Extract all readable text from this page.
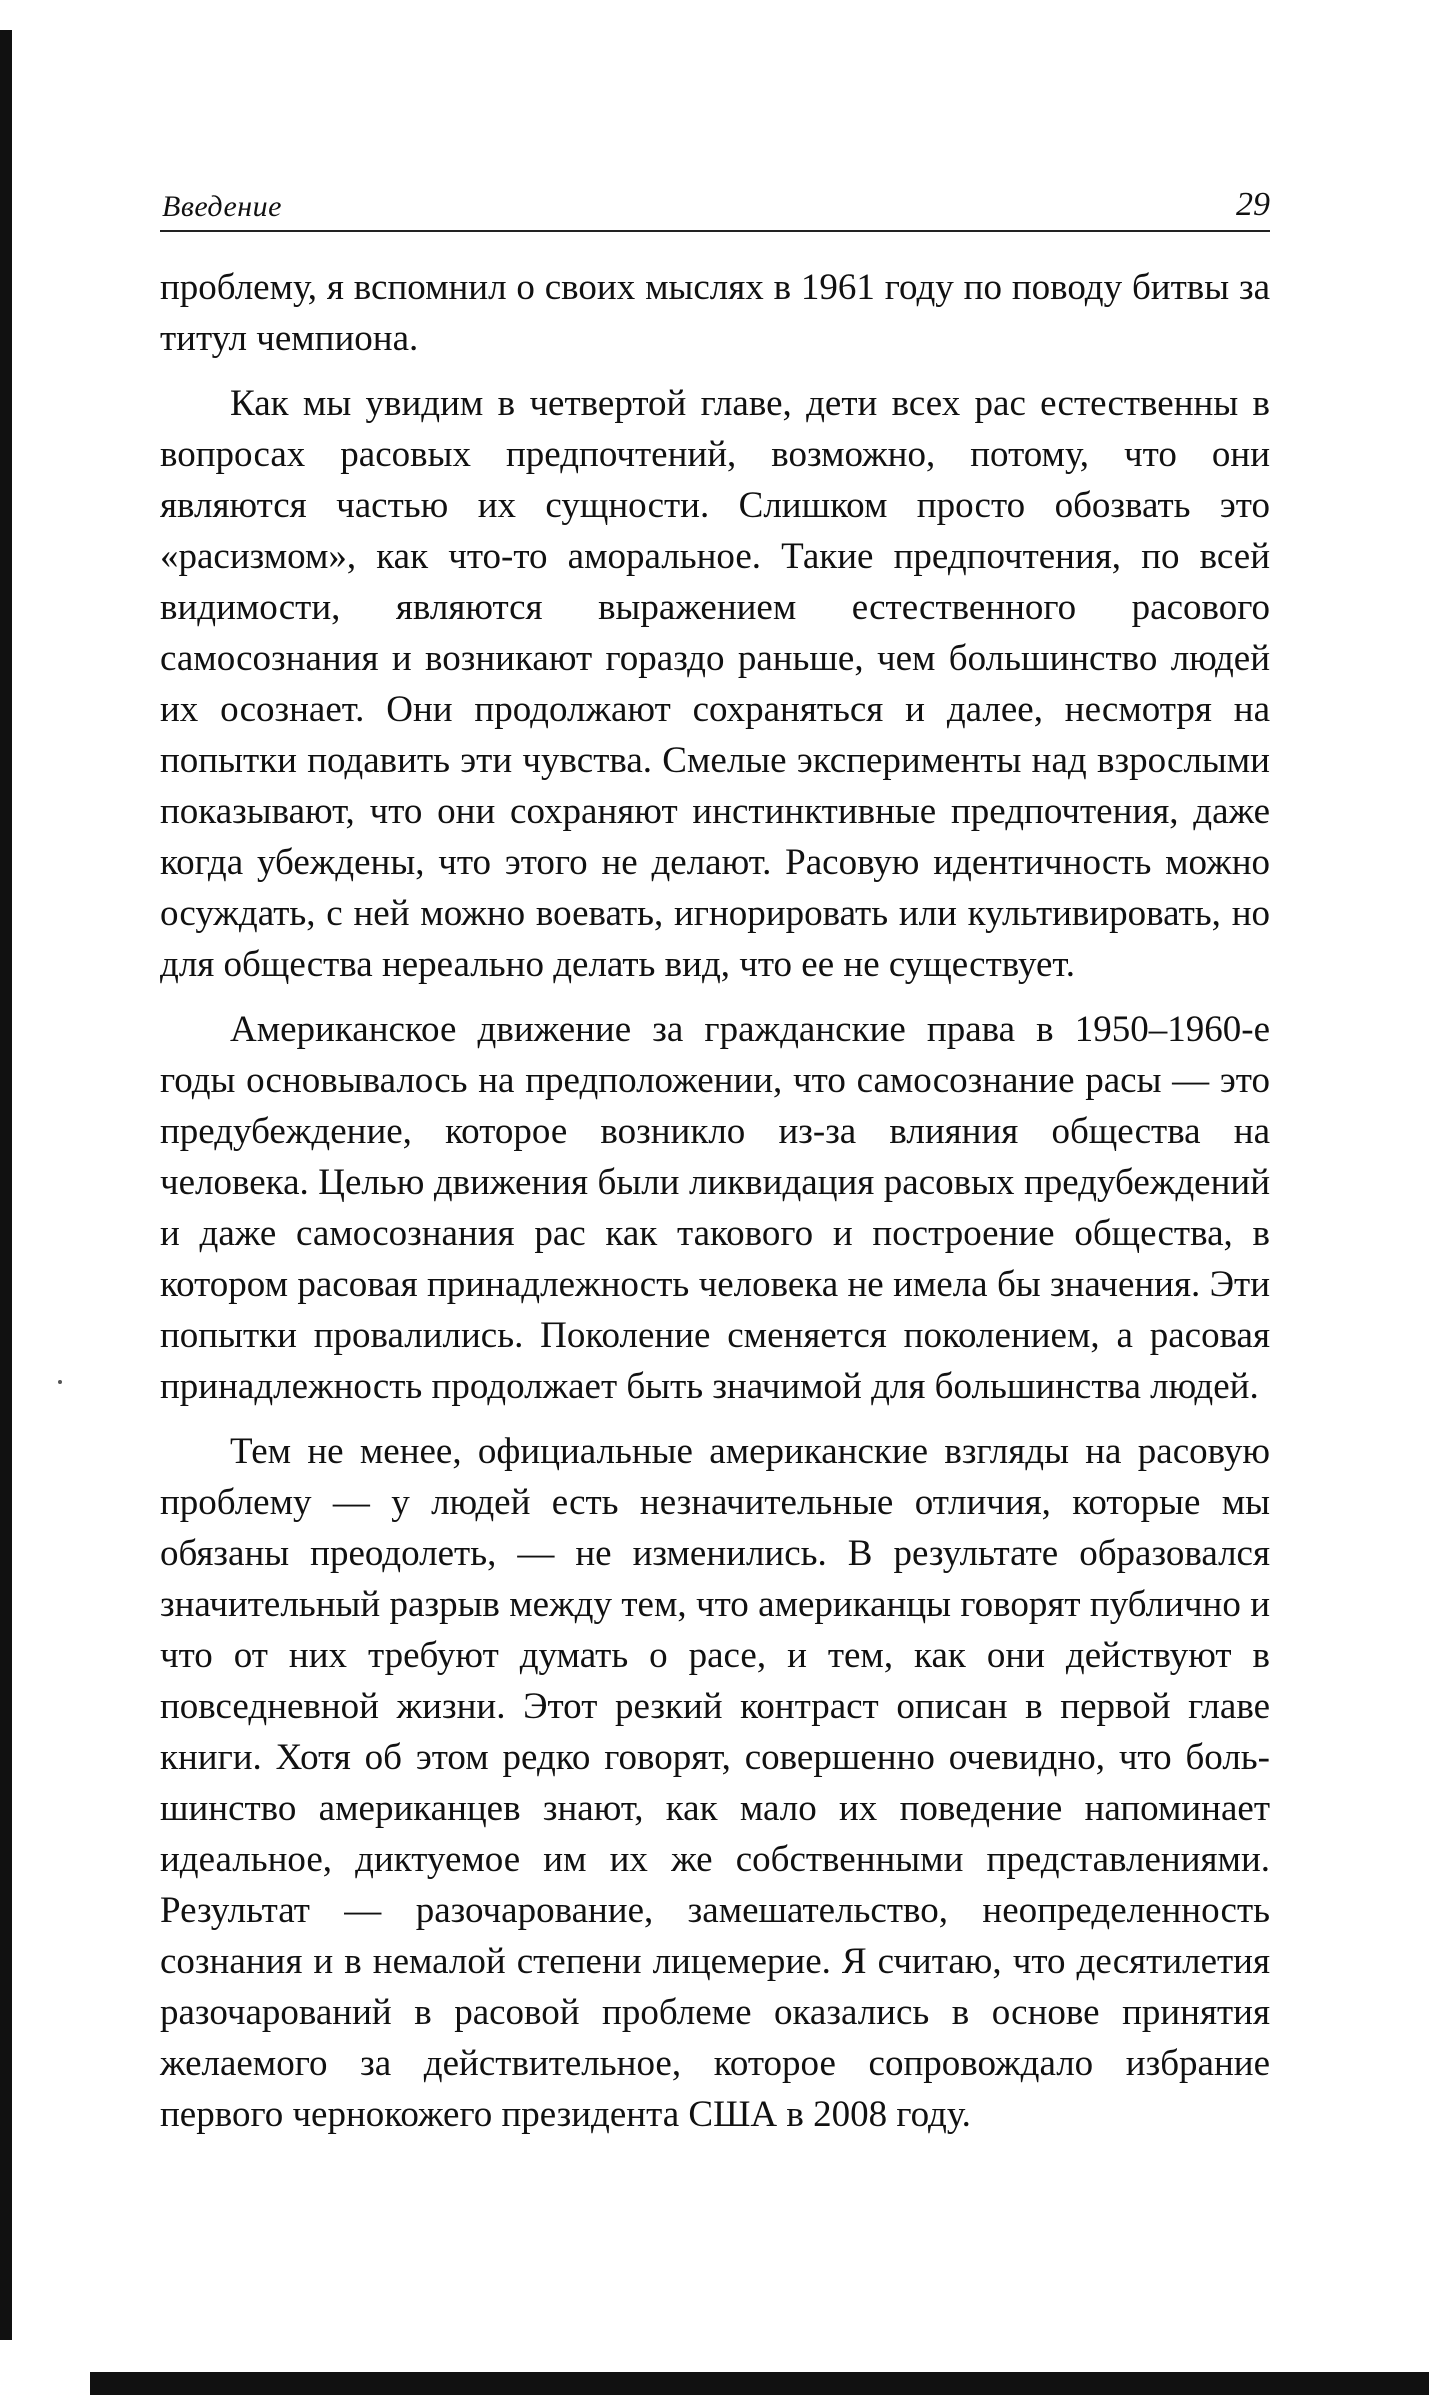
Введение	29

проблему, я вспомнил о своих мыслях в 1961 году по поводу битвы за титул чемпиона.

Как мы увидим в четвертой главе, дети всех рас естественны в вопросах расовых предпочтений, возможно, потому, что они являются частью их сущности. Слишком просто обозвать это «расизмом», как что-то аморальное. Такие предпочтения, по всей видимости, являются выражением естественного расового самосознания и возникают гораздо раньше, чем большинство людей их осознает. Они продолжают сохраняться и далее, несмотря на попытки подавить эти чувства. Смелые эксперименты над взрослыми показывают, что они сохраняют инстинктивные предпочтения, даже когда убеждены, что этого не делают. Расовую идентичность можно осуждать, с ней можно воевать, игнорировать или культивировать, но для общества нереально делать вид, что ее не существует.

Американское движение за гражданские права в 1950–1960-е годы основывалось на предположении, что самосознание расы — это предубеждение, которое возникло из-за влияния общества на человека. Целью движения были ликвидация расовых предубеждений и даже самосознания рас как такового и построение общества, в котором расовая принадлежность человека не имела бы значения. Эти попытки провалились. Поколение сменяется поколением, а расовая принадлежность продолжает быть значимой для большинства людей.

Тем не менее, официальные американские взгляды на расовую проблему — у людей есть незначительные отличия, которые мы обязаны преодолеть, — не изменились. В результате образовался значительный разрыв между тем, что американцы говорят публично и что от них требуют думать о расе, и тем, как они действуют в повседневной жизни. Этот резкий контраст описан в первой главе книги. Хотя об этом редко говорят, совершенно очевидно, что большинство американцев знают, как мало их поведение напоминает идеальное, диктуемое им их же собственными представлениями. Результат — разочарование, замешательство, неопределенность сознания и в немалой степени лицемерие. Я считаю, что десятилетия разочарований в расовой проблеме оказались в основе принятия желаемого за действительное, которое сопровождало избрание первого чернокожего президента США в 2008 году.
